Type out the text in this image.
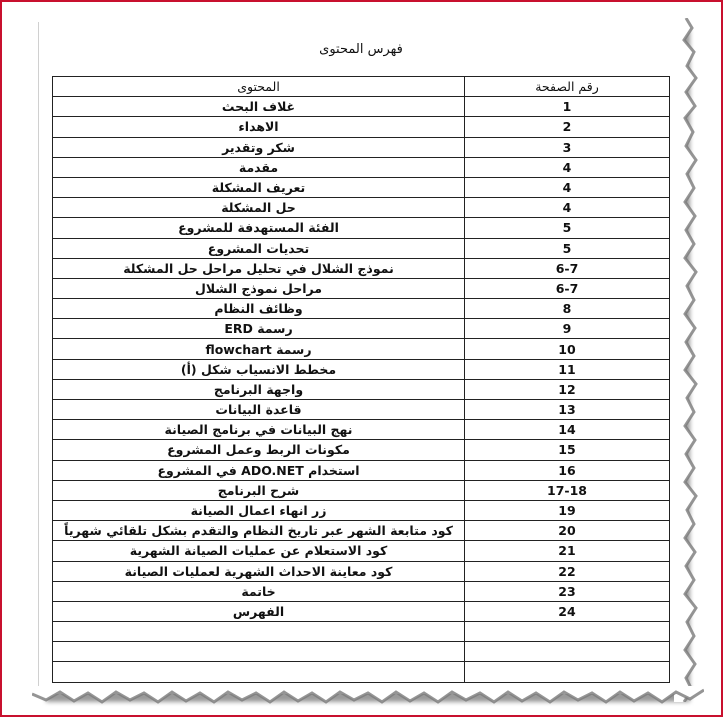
فهرس المحتوى
المحتوى	رقم الصفحة
غلاف البحث	1
الاهداء	2
شكر وتقدير	3
مقدمة	4
تعريف المشكلة	4
حل المشكلة	4
الفئة المستهدفة للمشروع	5
تحديات المشروع	5
نموذج الشلال في تحليل مراحل حل المشكلة	6-7
مراحل نموذج الشلال	6-7
وظائف النظام	8
رسمة ERD	9
رسمة flowchart	10
مخطط الانسياب شكل (أ)	11
واجهة البرنامج	12
قاعدة البيانات	13
نهج البيانات في برنامج الصيانة	14
مكونات الربط وعمل المشروع	15
استخدام ADO.NET في المشروع	16
شرح البرنامج	17-18
زر انهاء اعمال الصيانة	19
كود متابعة الشهر عبر تاريخ النظام والتقدم بشكل تلقائي شهرياً	20
كود الاستعلام عن عمليات الصيانة الشهرية	21
كود معاينة الاحداث الشهرية لعمليات الصيانة	22
خاتمة	23
الفهرس	24
